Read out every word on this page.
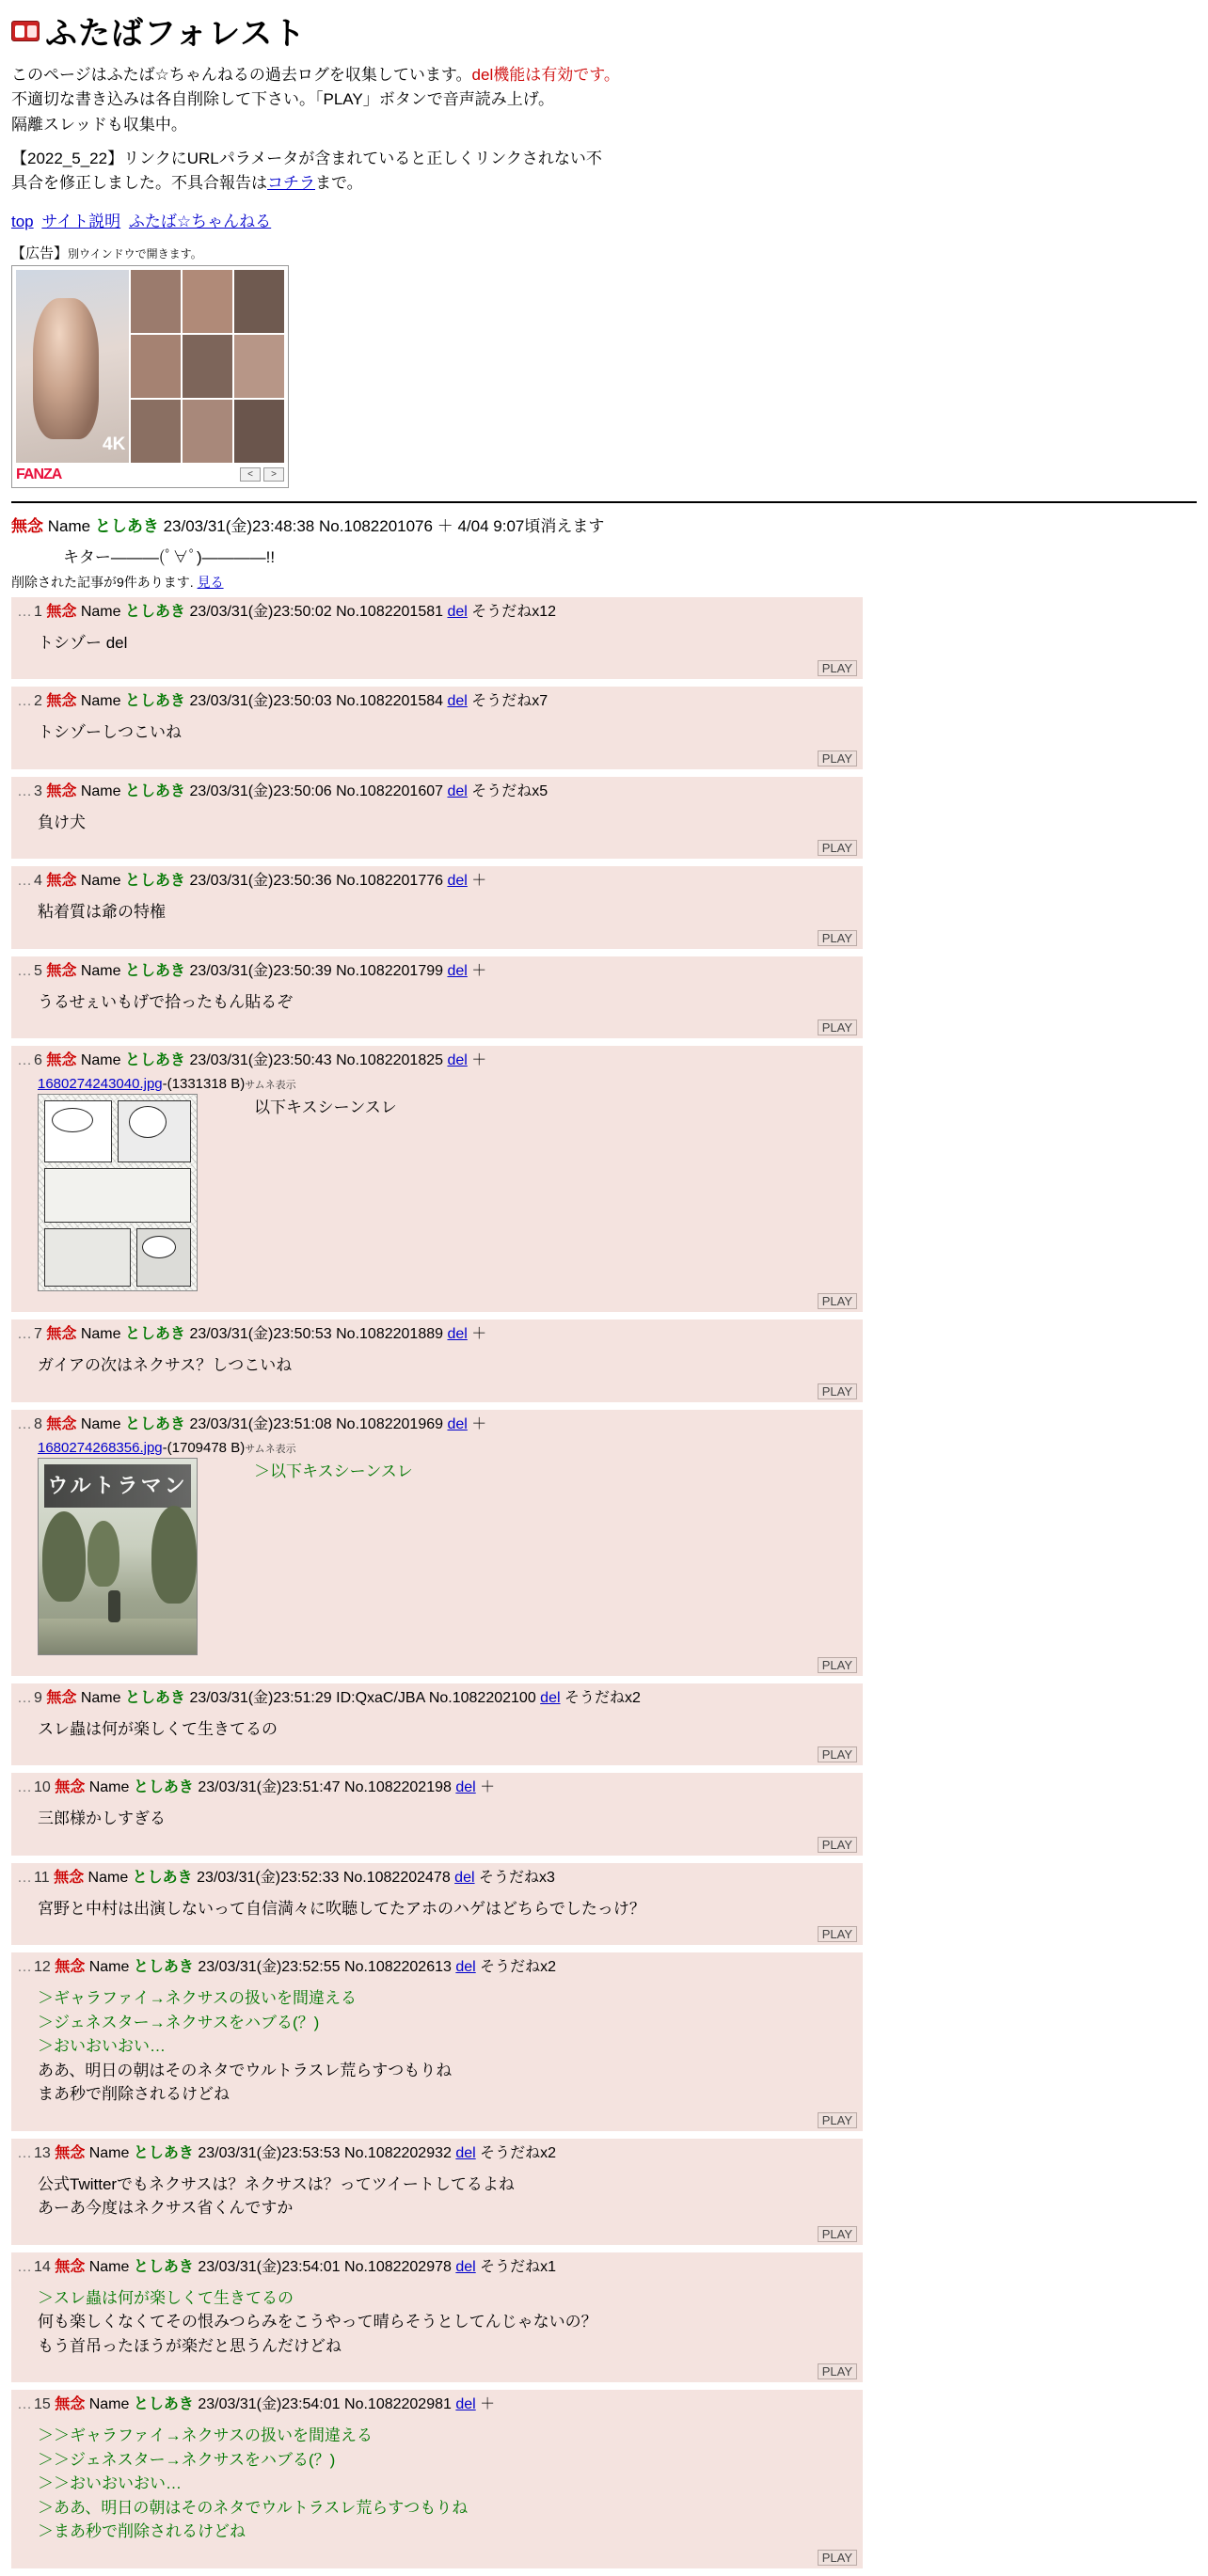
ふたばフォレスト
このページはふたば☆ちゃんねるの過去ログを収集しています。del機能は有効です。
不適切な書き込みは各自削除して下さい。「PLAY」ボタンで音声読み上げ。
隔離スレッドも収集中。
【2022_5_22】リンクにURLパラメータが含まれていると正しくリンクされない不
具合を修正しました。不具合報告はコチラまで。
top サイト説明 ふたば☆ちゃんねる
【広告】別ウインドウで開きます。
4K
FANZA	<	>
無念 Name としあき 23/03/31(金)23:48:38 No.1082201076 ＋ 4/04 9:07頃消えます
キター―――(ﾟ∀ﾟ)――――!!
削除された記事が9件あります. 見る
… 1 無念 Name としあき 23/03/31(金)23:50:02 No.1082201581 del そうだねx12
トシゾー del
PLAY
… 2 無念 Name としあき 23/03/31(金)23:50:03 No.1082201584 del そうだねx7
トシゾーしつこいね
PLAY
… 3 無念 Name としあき 23/03/31(金)23:50:06 No.1082201607 del そうだねx5
負け犬
PLAY
… 4 無念 Name としあき 23/03/31(金)23:50:36 No.1082201776 del ＋
粘着質は爺の特権
PLAY
… 5 無念 Name としあき 23/03/31(金)23:50:39 No.1082201799 del ＋
うるせぇいもげで拾ったもん貼るぞ
PLAY
… 6 無念 Name としあき 23/03/31(金)23:50:43 No.1082201825 del ＋
1680274243040.jpg-(1331318 B)サムネ表示
以下キスシーンスレ
PLAY
… 7 無念 Name としあき 23/03/31(金)23:50:53 No.1082201889 del ＋
ガイアの次はネクサス？しつこいね
PLAY
… 8 無念 Name としあき 23/03/31(金)23:51:08 No.1082201969 del ＋
1680274268356.jpg-(1709478 B)サムネ表示
ウルトラマン
＞以下キスシーンスレ
PLAY
… 9 無念 Name としあき 23/03/31(金)23:51:29 ID:QxaC/JBA No.1082202100 del そうだねx2
スレ蟲は何が楽しくて生きてるの
PLAY
… 10 無念 Name としあき 23/03/31(金)23:51:47 No.1082202198 del ＋
三郎様かしすぎる
PLAY
… 11 無念 Name としあき 23/03/31(金)23:52:33 No.1082202478 del そうだねx3
宮野と中村は出演しないって自信満々に吹聴してたアホのハゲはどちらでしたっけ？
PLAY
… 12 無念 Name としあき 23/03/31(金)23:52:55 No.1082202613 del そうだねx2
＞ギャラファイ→ネクサスの扱いを間違える
＞ジェネスター→ネクサスをハブる(？)
＞おいおいおい…
ああ、明日の朝はそのネタでウルトラスレ荒らすつもりね
まあ秒で削除されるけどね
PLAY
… 13 無念 Name としあき 23/03/31(金)23:53:53 No.1082202932 del そうだねx2
公式Twitterでもネクサスは？ネクサスは？ってツイートしてるよね
あーあ今度はネクサス省くんですか
PLAY
… 14 無念 Name としあき 23/03/31(金)23:54:01 No.1082202978 del そうだねx1
＞スレ蟲は何が楽しくて生きてるの
何も楽しくなくてその恨みつらみをこうやって晴らそうとしてんじゃないの？
もう首吊ったほうが楽だと思うんだけどね
PLAY
… 15 無念 Name としあき 23/03/31(金)23:54:01 No.1082202981 del ＋
＞＞ギャラファイ→ネクサスの扱いを間違える
＞＞ジェネスター→ネクサスをハブる(？)
＞＞おいおいおい…
＞ああ、明日の朝はそのネタでウルトラスレ荒らすつもりね
＞まあ秒で削除されるけどね
PLAY
